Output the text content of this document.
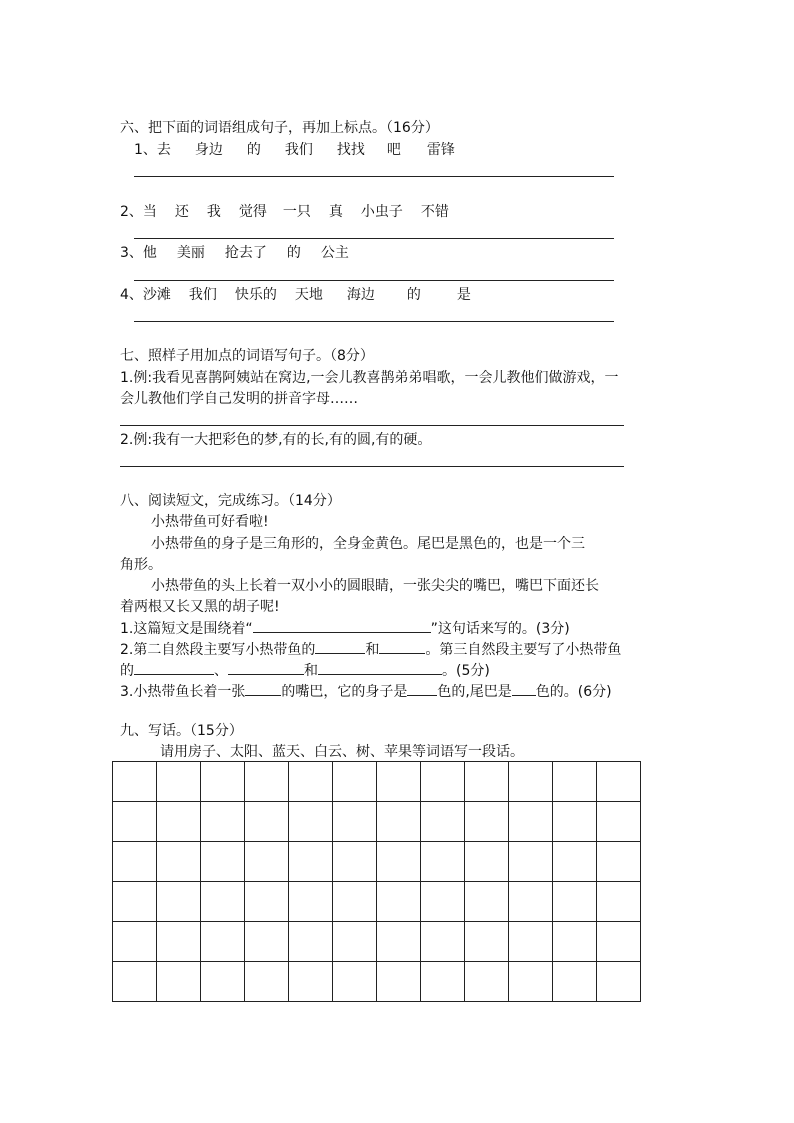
六、把下面的词语组成句子，再加上标点。（16分）
1、去 身边 的 我们 找找 吧 雷锋
2、当 还 我 觉得 一只 真 小虫子 不错
3、他 美丽 抢去了 的 公主
4、沙滩 我们 快乐的 天地 海边 的	是
七、照样子用加点的词语写句子。（8分）
1.例:我看见喜鹊阿姨站在窝边,一会儿教喜鹊弟弟唱歌，一会儿教他们做游戏，一
会儿教他们学自己发明的拼音字母……
2.例:我有一大把彩色的梦,有的长,有的圆,有的硬。
八、阅读短文，完成练习。（14分）
小热带鱼可好看啦!
小热带鱼的身子是三角形的，全身金黄色。尾巴是黑色的，也是一个三
角形。
小热带鱼的头上长着一双小小的圆眼睛，一张尖尖的嘴巴，嘴巴下面还长
着两根又长又黑的胡子呢!
1.这篇短文是围绕着“	”这句话来写的。(3分)
2.第二自然段主要写小热带鱼的	和	。第三自然段主要写了小热带鱼
的	、	和	。(5分)
3.小热带鱼长着一张	的嘴巴，它的身子是 色的,尾巴是 色的。(6分)
九、写话。（15分）
请用房子、太阳、蓝天、白云、树、苹果等词语写一段话。
